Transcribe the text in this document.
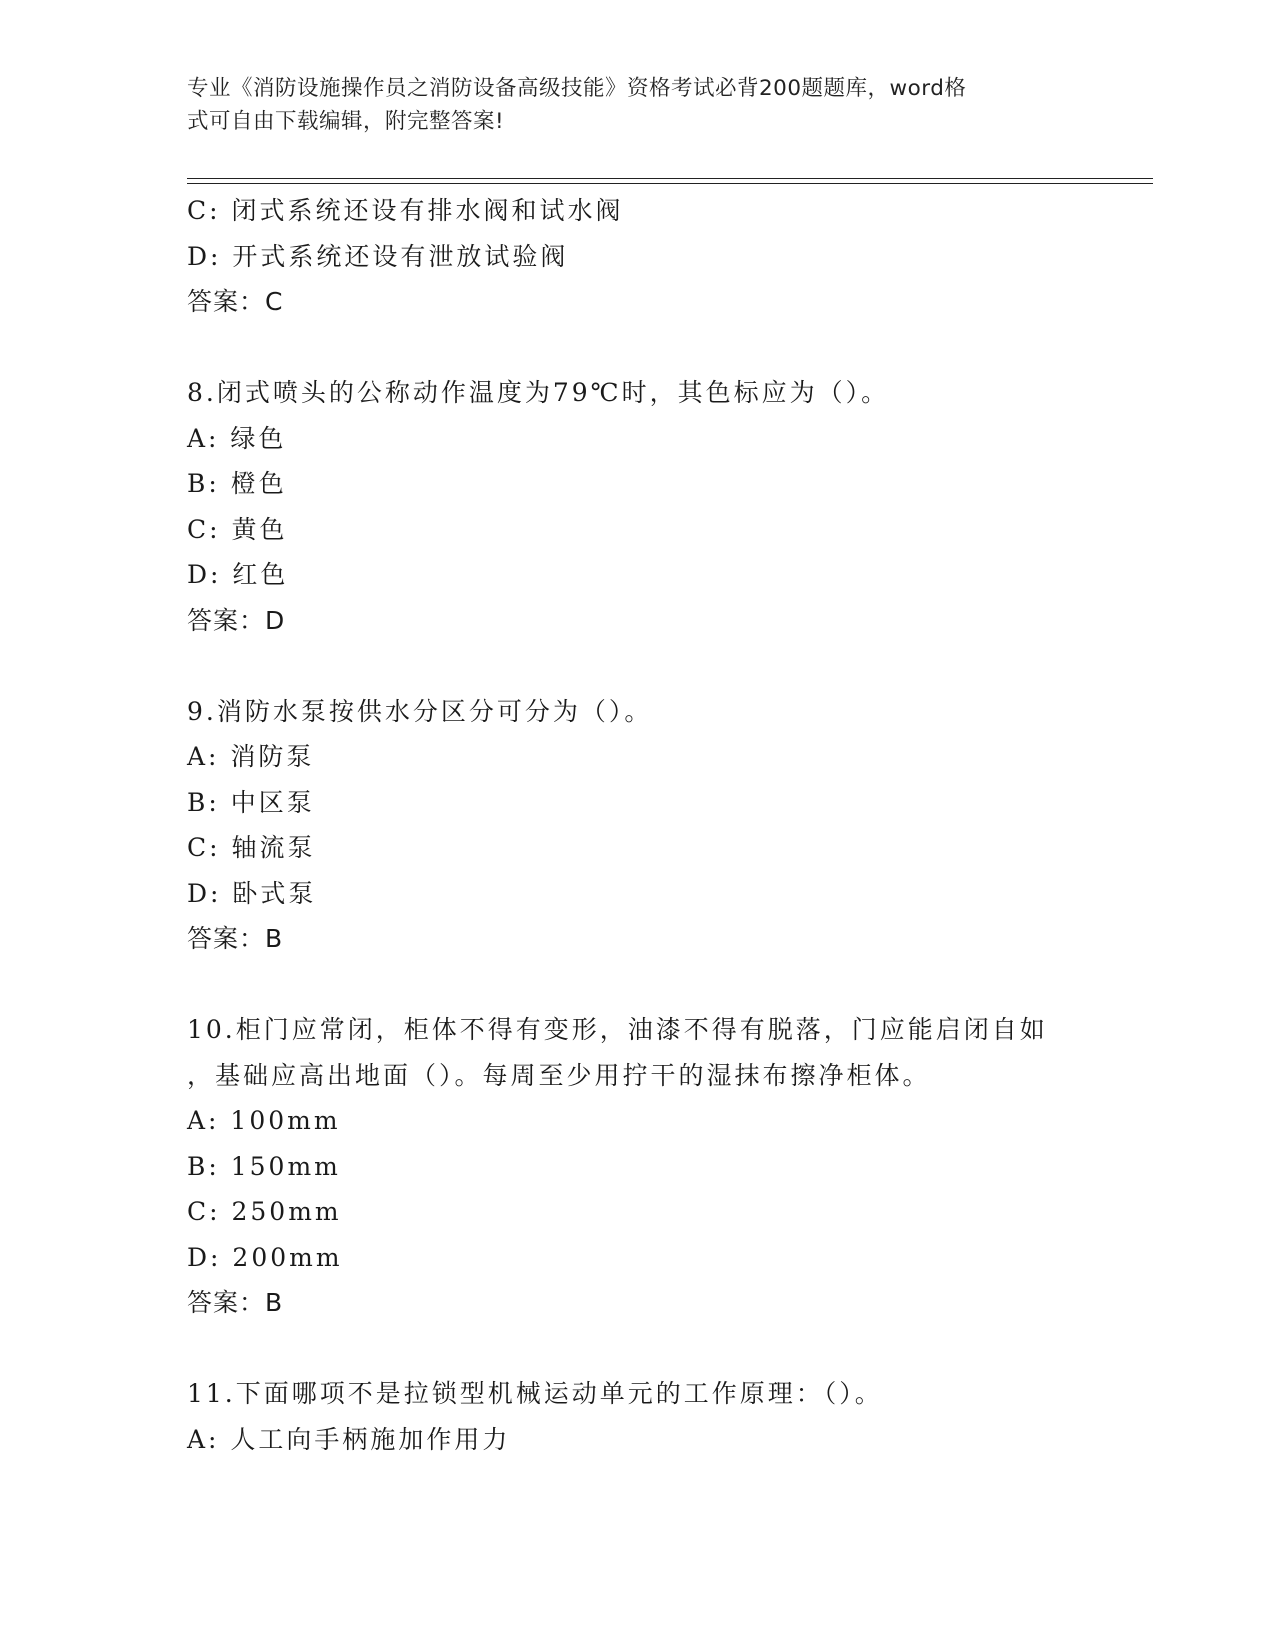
专业《消防设施操作员之消防设备高级技能》资格考试必背200题题库，word格
式可自由下载编辑，附完整答案!
C: 闭式系统还设有排水阀和试水阀
D: 开式系统还设有泄放试验阀
答案：C
8.闭式喷头的公称动作温度为79℃时，其色标应为（）。
A: 绿色
B: 橙色
C: 黄色
D: 红色
答案：D
9.消防水泵按供水分区分可分为（）。
A: 消防泵
B: 中区泵
C: 轴流泵
D: 卧式泵
答案：B
10.柜门应常闭，柜体不得有变形，油漆不得有脱落，门应能启闭自如
，基础应高出地面（）。每周至少用拧干的湿抹布擦净柜体。
A: 100mm
B: 150mm
C: 250mm
D: 200mm
答案：B
11.下面哪项不是拉锁型机械运动单元的工作原理：（）。
A: 人工向手柄施加作用力
